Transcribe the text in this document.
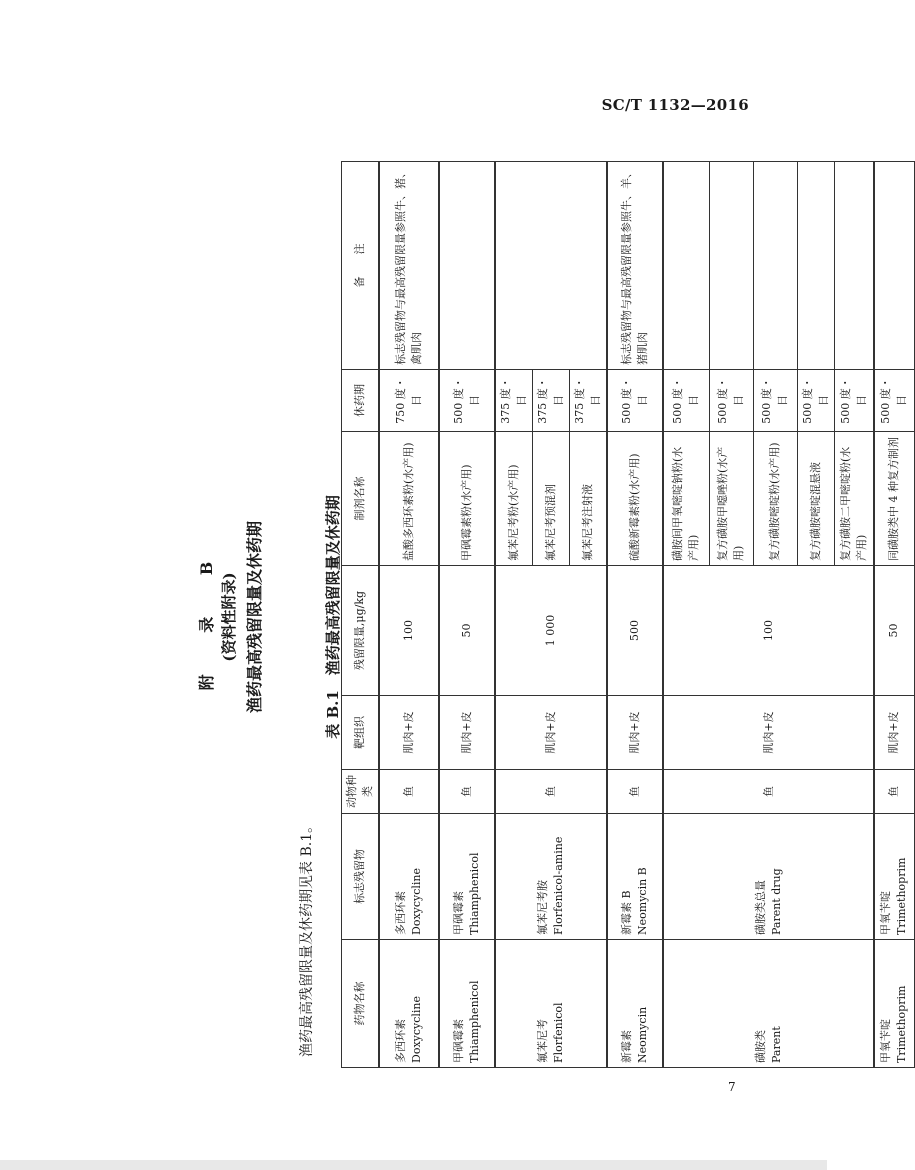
SC/T 1132—2016
附 录 B (资料性附录) 渔药最高残留限量及休药期
渔药最高残留限量及休药期见表 B.1。
表 B.1　渔药最高残留限量及休药期
药物名称	标志残留物	动物种类	靶组织	残留限量,μg/kg	制剂名称	休药期	备　　注
多西环素 Doxycycline	多西环素 Doxycycline	鱼	肌肉+皮	100	盐酸多西环素粉(水产用)	750 度・日	标志残留物与最高残留限量参照牛、猪、禽肌肉
甲砜霉素 Thiamphenicol	甲砜霉素 Thiamphenicol	鱼	肌肉+皮	50	甲砜霉素粉(水产用)	500 度・日	
氟苯尼考 Florfenicol	氟苯尼考胺 Florfenicol-amine	鱼	肌肉+皮	1 000	氟苯尼考粉(水产用)	375 度・日	
					氟苯尼考预混剂	375 度・日	
					氟苯尼考注射液	375 度・日	
新霉素 Neomycin	新霉素 B Neomycin B	鱼	肌肉+皮	500	硫酸新霉素粉(水产用)	500 度・日	标志残留物与最高残留限量参照牛、羊、猪肌肉
磺胺类 Parent	磺胺类总量 Parent drug	鱼	肌肉+皮	100	磺胺间甲氧嘧啶钠粉(水产用)	500 度・日	
					复方磺胺甲噁唑粉(水产用)	500 度・日	
					复方磺胺嘧啶粉(水产用)	500 度・日	
					复方磺胺嘧啶混悬液	500 度・日	
					复方磺胺二甲嘧啶粉(水产用)	500 度・日	
甲氧苄啶 Trimethoprim	甲氧苄啶 Trimethoprim	鱼	肌肉+皮	50	同磺胺类中 4 种复方制剂	500 度・日	
7
